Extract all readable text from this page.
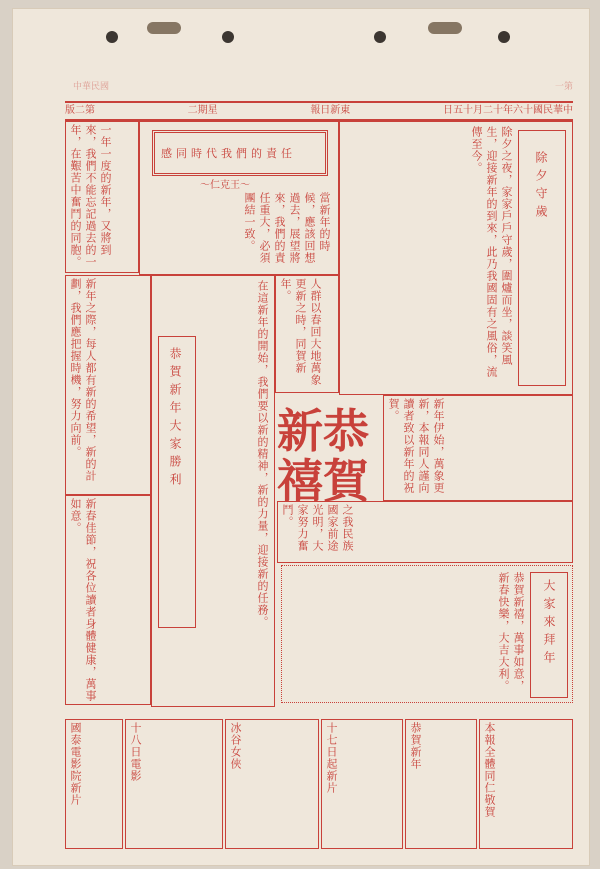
中華民國	一第
版二第	二期星	報日新東	日五十月二十年六十國民華中
一年一度的新年，又將到來，我們不能忘記過去的一年，在艱苦中奮鬥的同胞。	感同時代我們的責任
～仁克王～
當新年的時候，應該回想過去，展望將來，我們的責任重大，必須團結一致。	除夕守歲
除夕之夜，家家戶戶守歲，圍爐而坐，談笑風生，迎接新年的到來，此乃我國固有之風俗，流傳至今。
新年之際，每人都有新的希望，新的計劃，我們應把握時機，努力向前。	恭賀新年大家勝利	在這新年的開始，我們要以新的精神，新的力量，迎接新的任務。	人群以春回大地萬象更新之時，同賀新年。
新恭
禧賀	新年伊始，萬象更新，本報同人謹向讀者致以新年的祝賀。
之我民族國家前途光明，大家努力奮鬥。
新春佳節，祝各位讀者身體健康，萬事如意。
恭賀新禧，萬事如意，新春快樂，大吉大利。	大家來拜年
國泰電影院新片	十八日電影	冰谷女俠	十七日起新片	恭賀新年	本報全體同仁敬賀
